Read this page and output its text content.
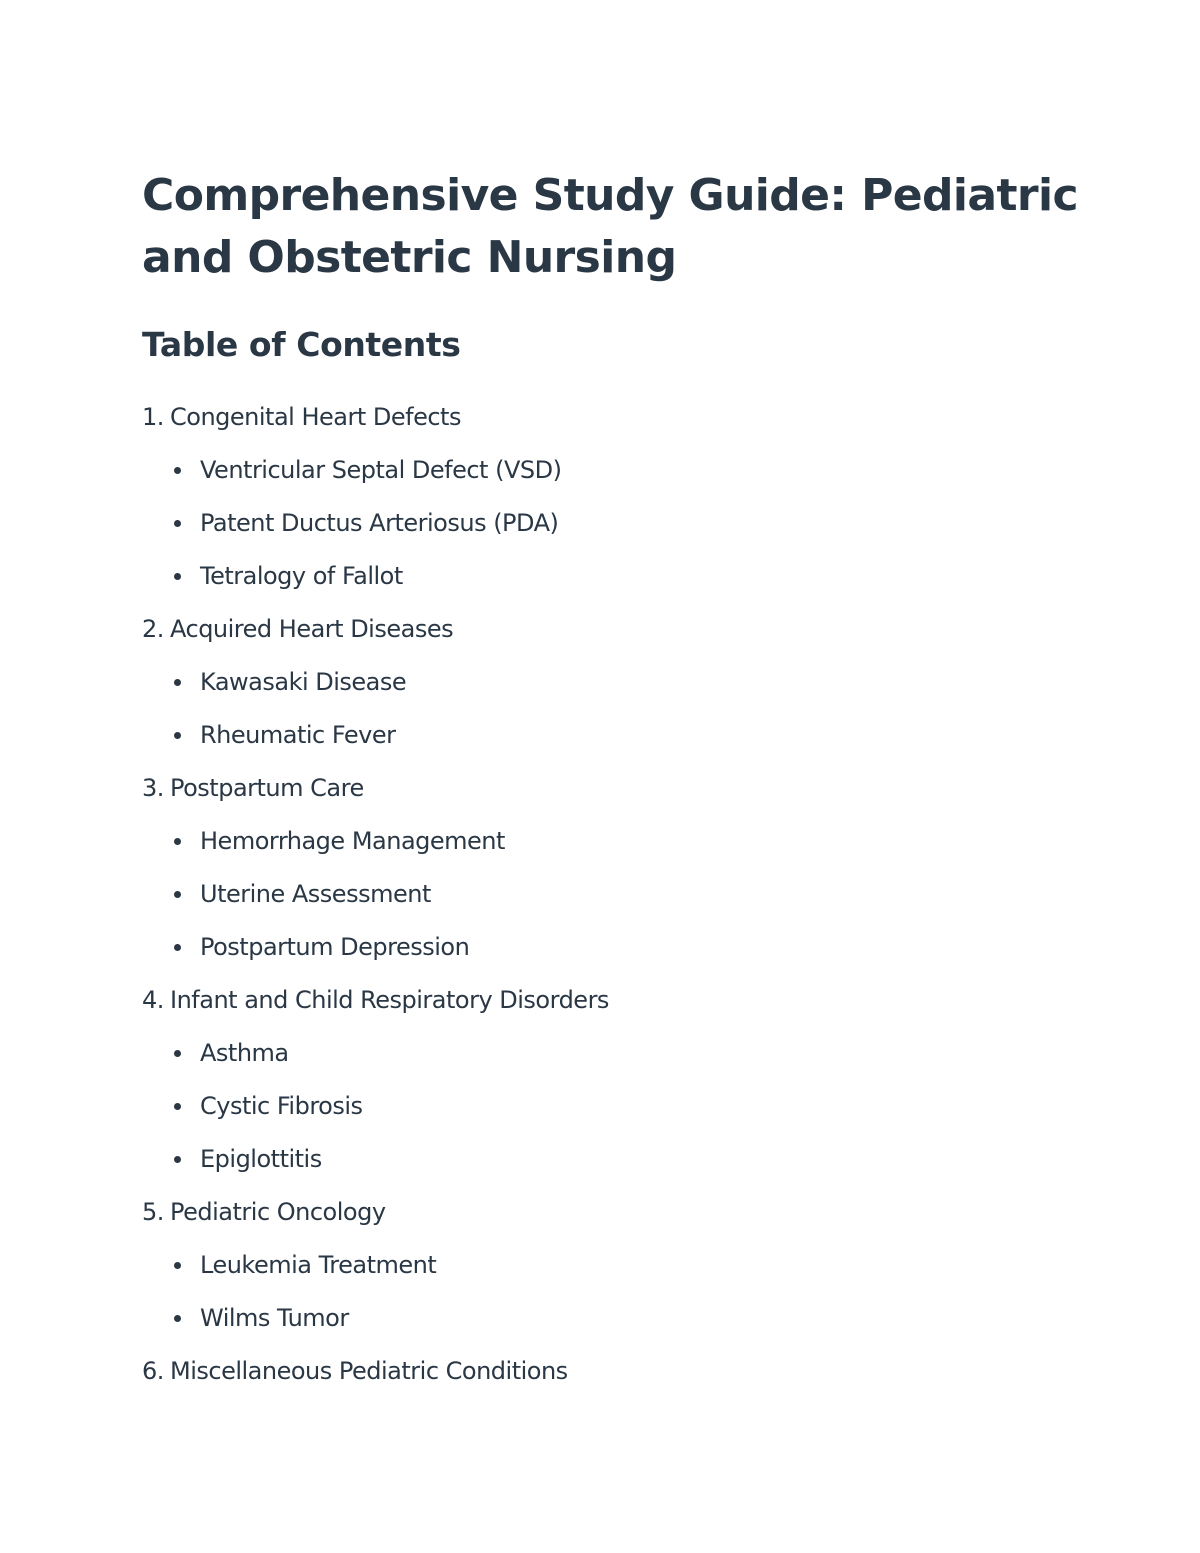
Comprehensive Study Guide: Pediatric and Obstetric Nursing
Table of Contents
1. Congenital Heart Defects
Ventricular Septal Defect (VSD)
Patent Ductus Arteriosus (PDA)
Tetralogy of Fallot
2. Acquired Heart Diseases
Kawasaki Disease
Rheumatic Fever
3. Postpartum Care
Hemorrhage Management
Uterine Assessment
Postpartum Depression
4. Infant and Child Respiratory Disorders
Asthma
Cystic Fibrosis
Epiglottitis
5. Pediatric Oncology
Leukemia Treatment
Wilms Tumor
6. Miscellaneous Pediatric Conditions
